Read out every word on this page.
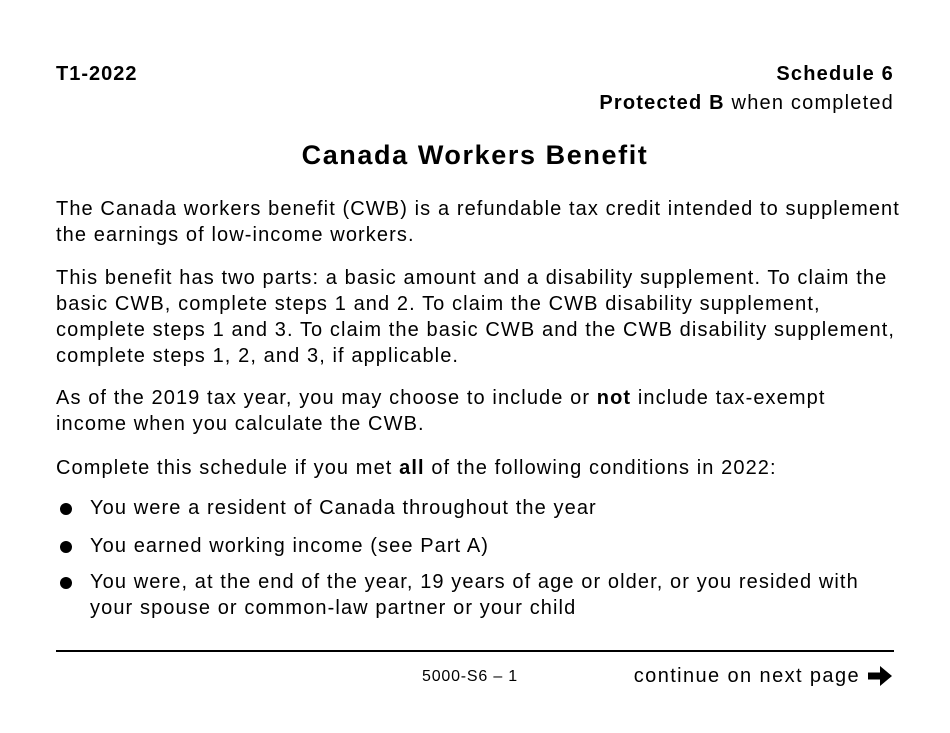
T1-2022	Schedule 6
Protected B when completed
Canada Workers Benefit

The Canada workers benefit (CWB) is a refundable tax credit intended to supplement the earnings of low-income workers.

This benefit has two parts: a basic amount and a disability supplement. To claim the basic CWB, complete steps 1 and 2. To claim the CWB disability supplement, complete steps 1 and 3. To claim the basic CWB and the CWB disability supplement, complete steps 1, 2, and 3, if applicable.

As of the 2019 tax year, you may choose to include or not include tax-exempt income when you calculate the CWB.

Complete this schedule if you met all of the following conditions in 2022:

You were a resident of Canada throughout the year
You earned working income (see Part A)
You were, at the end of the year, 19 years of age or older, or you resided with your spouse or common-law partner or your child
5000-S6 – 1	continue on next page
